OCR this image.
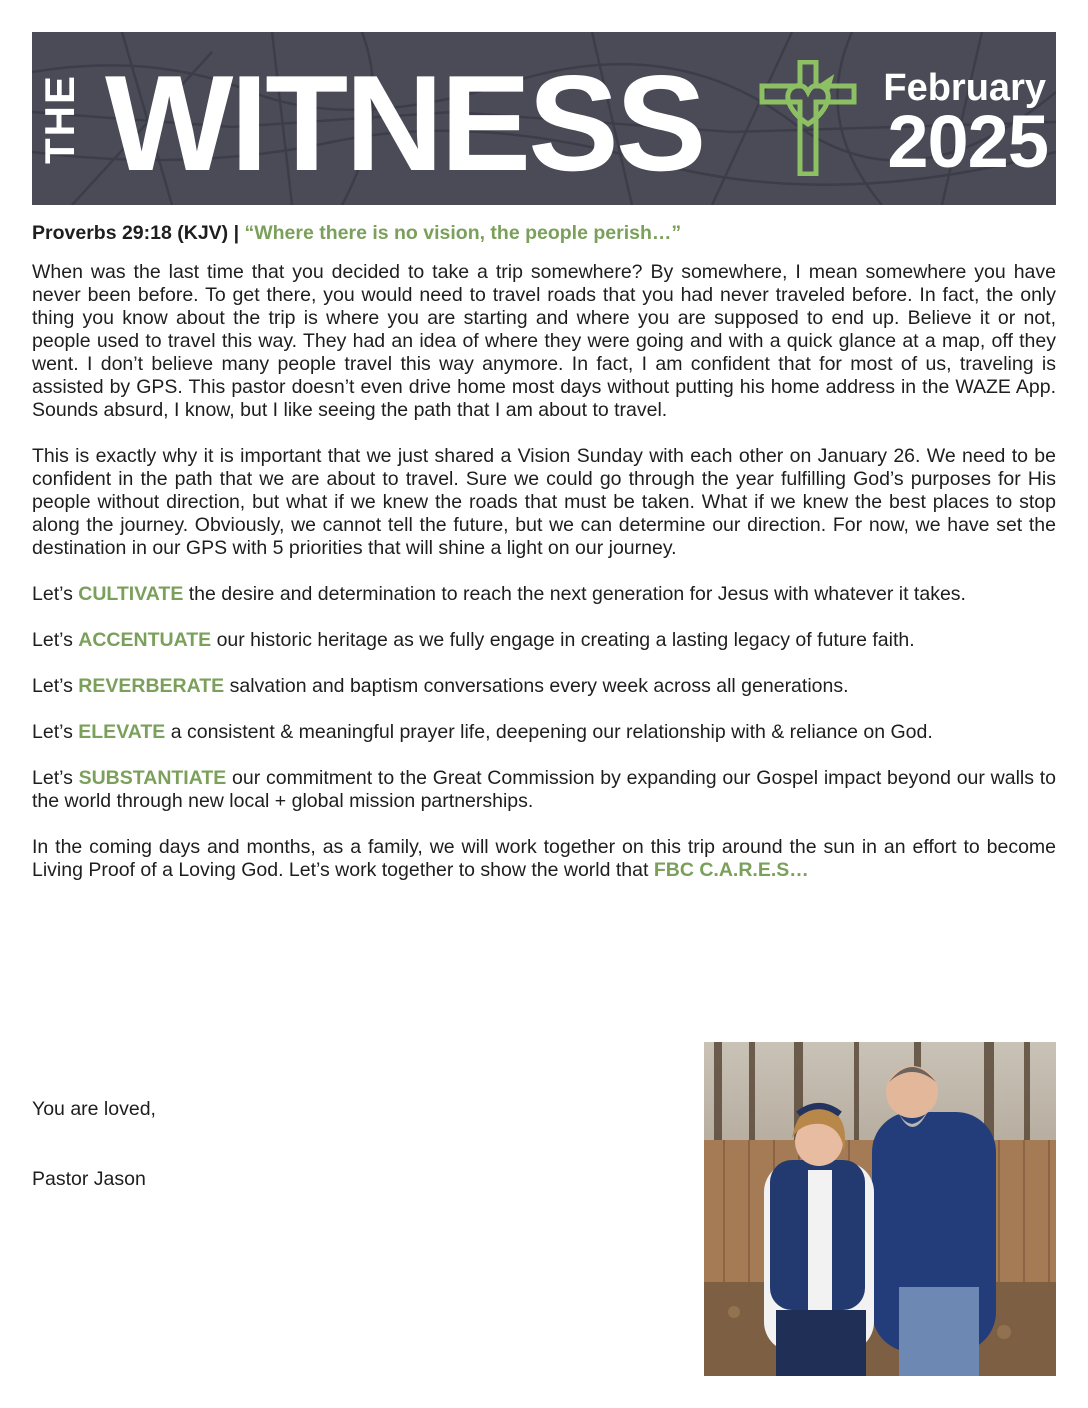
THE WITNESS	February
2025

Proverbs 29:18 (KJV) | “Where there is no vision, the people perish…”

When was the last time that you decided to take a trip somewhere? By somewhere, I mean somewhere you have never been before. To get there, you would need to travel roads that you had never traveled before. In fact, the only thing you know about the trip is where you are starting and where you are supposed to end up. Believe it or not, people used to travel this way. They had an idea of where they were going and with a quick glance at a map, off they went. I don’t believe many people travel this way anymore. In fact, I am confident that for most of us, traveling is assisted by GPS. This pastor doesn’t even drive home most days without putting his home address in the WAZE App. Sounds absurd, I know, but I like seeing the path that I am about to travel.

This is exactly why it is important that we just shared a Vision Sunday with each other on January 26. We need to be confident in the path that we are about to travel. Sure we could go through the year fulfilling God’s purposes for His people without direction, but what if we knew the roads that must be taken. What if we knew the best places to stop along the journey. Obviously, we cannot tell the future, but we can determine our direction. For now, we have set the destination in our GPS with 5 priorities that will shine a light on our journey.

Let’s CULTIVATE the desire and determination to reach the next generation for Jesus with whatever it takes.

Let’s ACCENTUATE our historic heritage as we fully engage in creating a lasting legacy of future faith.

Let’s REVERBERATE salvation and baptism conversations every week across all generations.

Let’s ELEVATE a consistent & meaningful prayer life, deepening our relationship with & reliance on God.

Let’s SUBSTANTIATE our commitment to the Great Commission by expanding our Gospel impact beyond our walls to the world through new local + global mission partnerships.

In the coming days and months, as a family, we will work together on this trip around the sun in an effort to become Living Proof of a Loving God. Let’s work together to show the world that FBC C.A.R.E.S…

You are loved,
Pastor Jason
